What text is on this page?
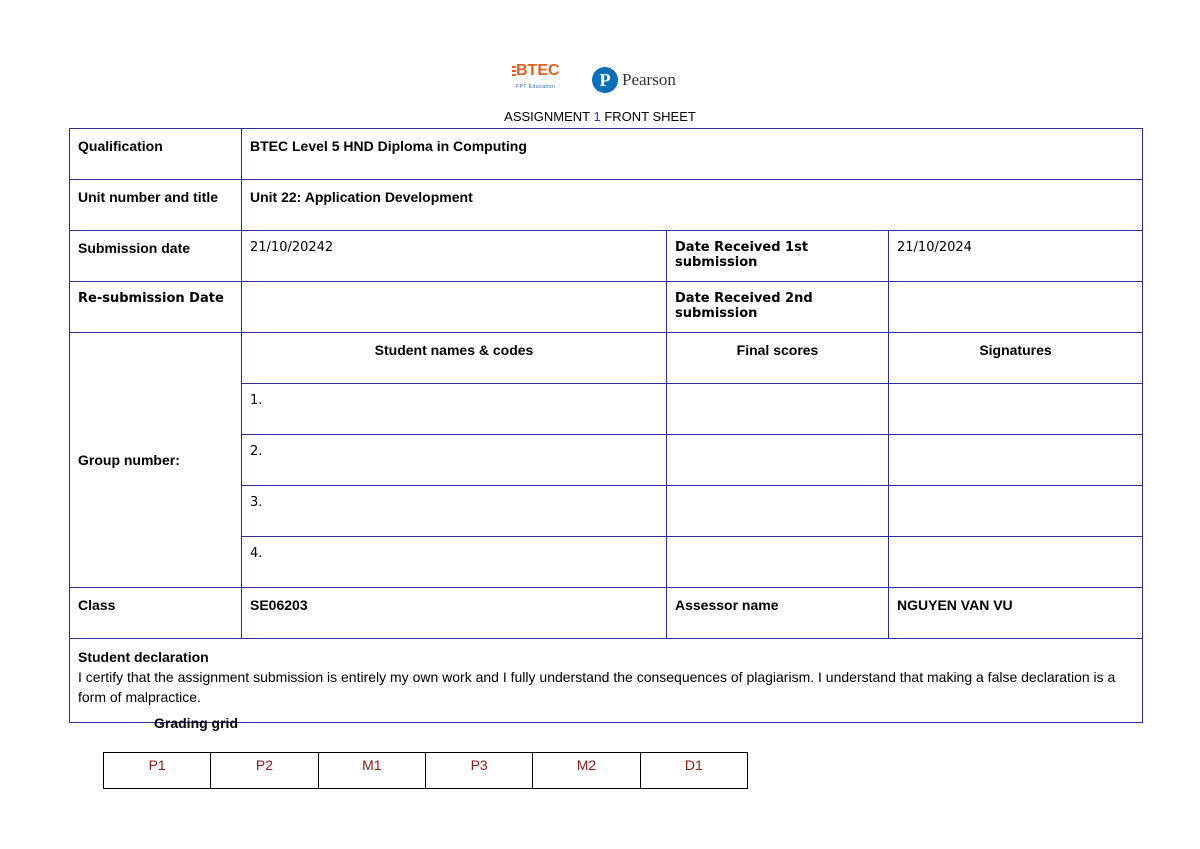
BTEC
FPT Education	P Pearson
ASSIGNMENT 1 FRONT SHEET
Qualification	BTEC Level 5 HND Diploma in Computing		
Unit number and title	Unit 22: Application Development		
Submission date	21/10/20242	Date Received 1st submission	21/10/2024
Re-submission Date		Date Received 2nd submission	
Group number:	Student names & codes	Final scores	Signatures
	1.		
	2.		
	3.		
	4.		
Class	SE06203	Assessor name	NGUYEN VAN VU

Student declaration
I certify that the assignment submission is entirely my own work and I fully understand the consequences of plagiarism. I understand that making a false declaration is a form of malpractice.			
Grading grid
P1	P2	M1	P3	M2	D1
